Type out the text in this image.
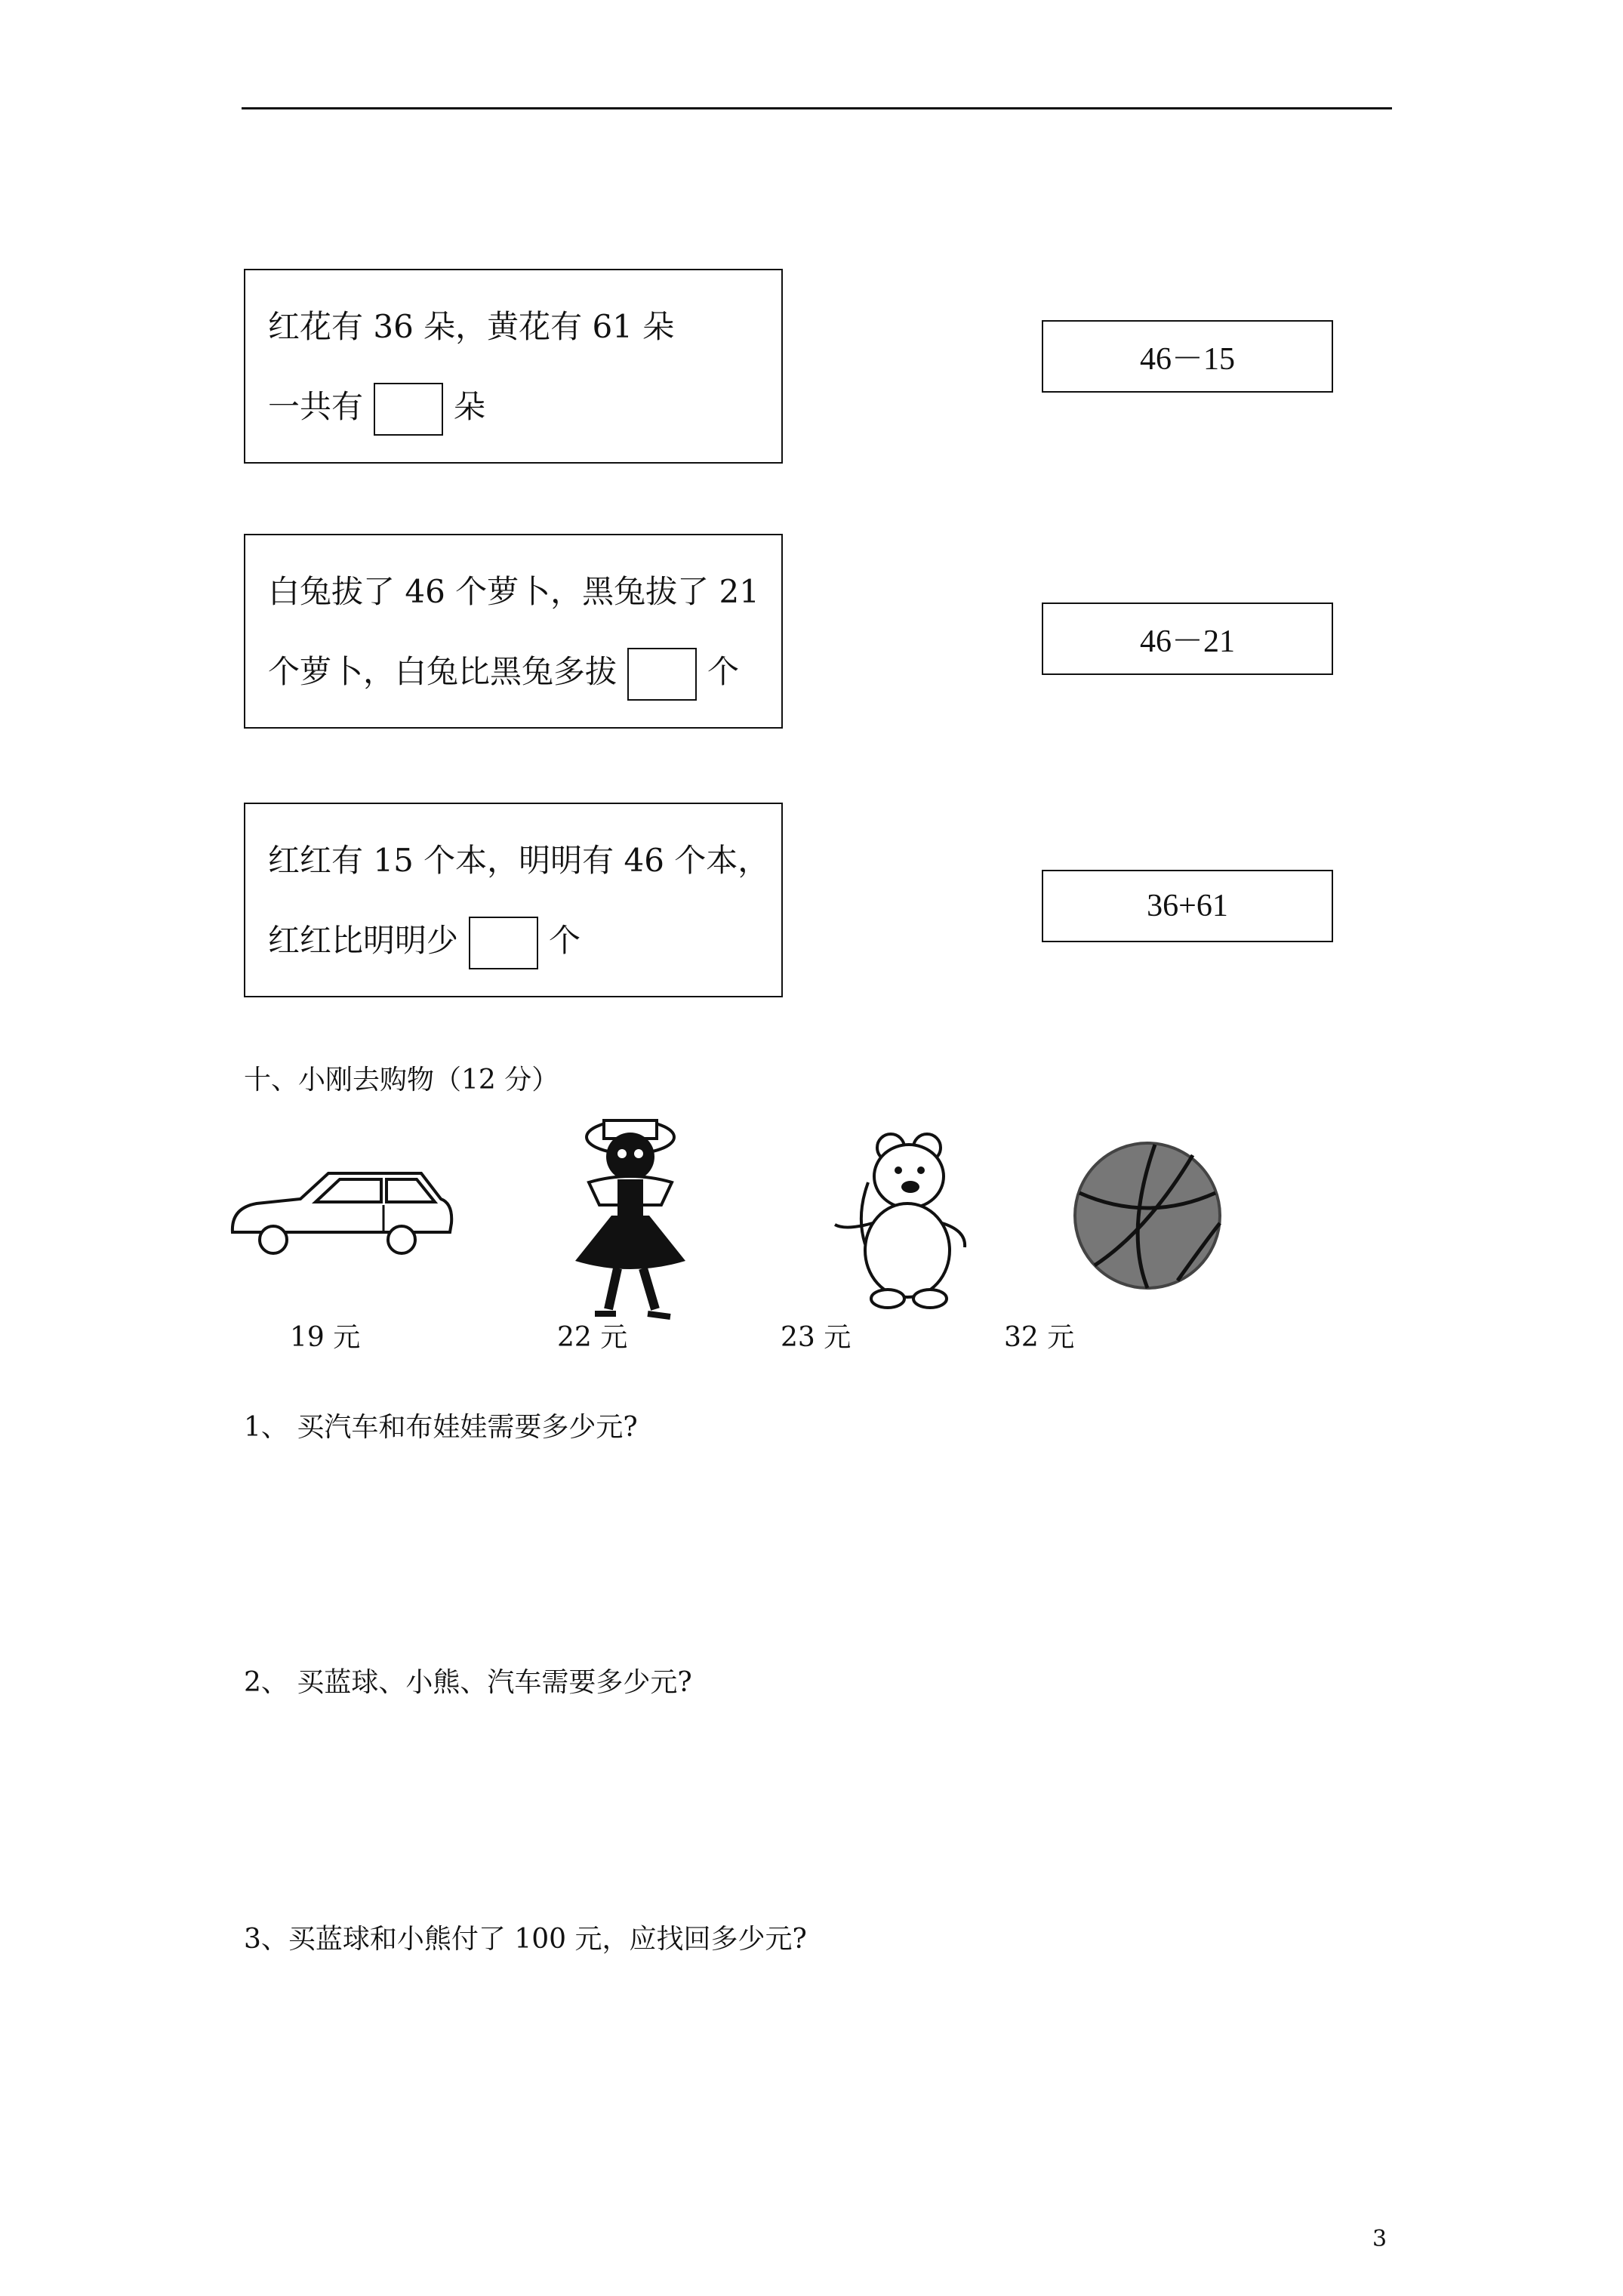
红花有 36 朵，黄花有 61 朵
一共有	朵
白兔拔了 46 个萝卜，黑兔拔了 21
个萝卜，白兔比黑兔多拔	个
红红有 15 个本，明明有 46 个本，
红红比明明少	个
46－15
46－21
36+61
十、小刚去购物（12 分）
19 元	22 元	23 元	32 元
1、 买汽车和布娃娃需要多少元?
2、 买蓝球、小熊、汽车需要多少元?
3、买蓝球和小熊付了 100 元，应找回多少元?
3
